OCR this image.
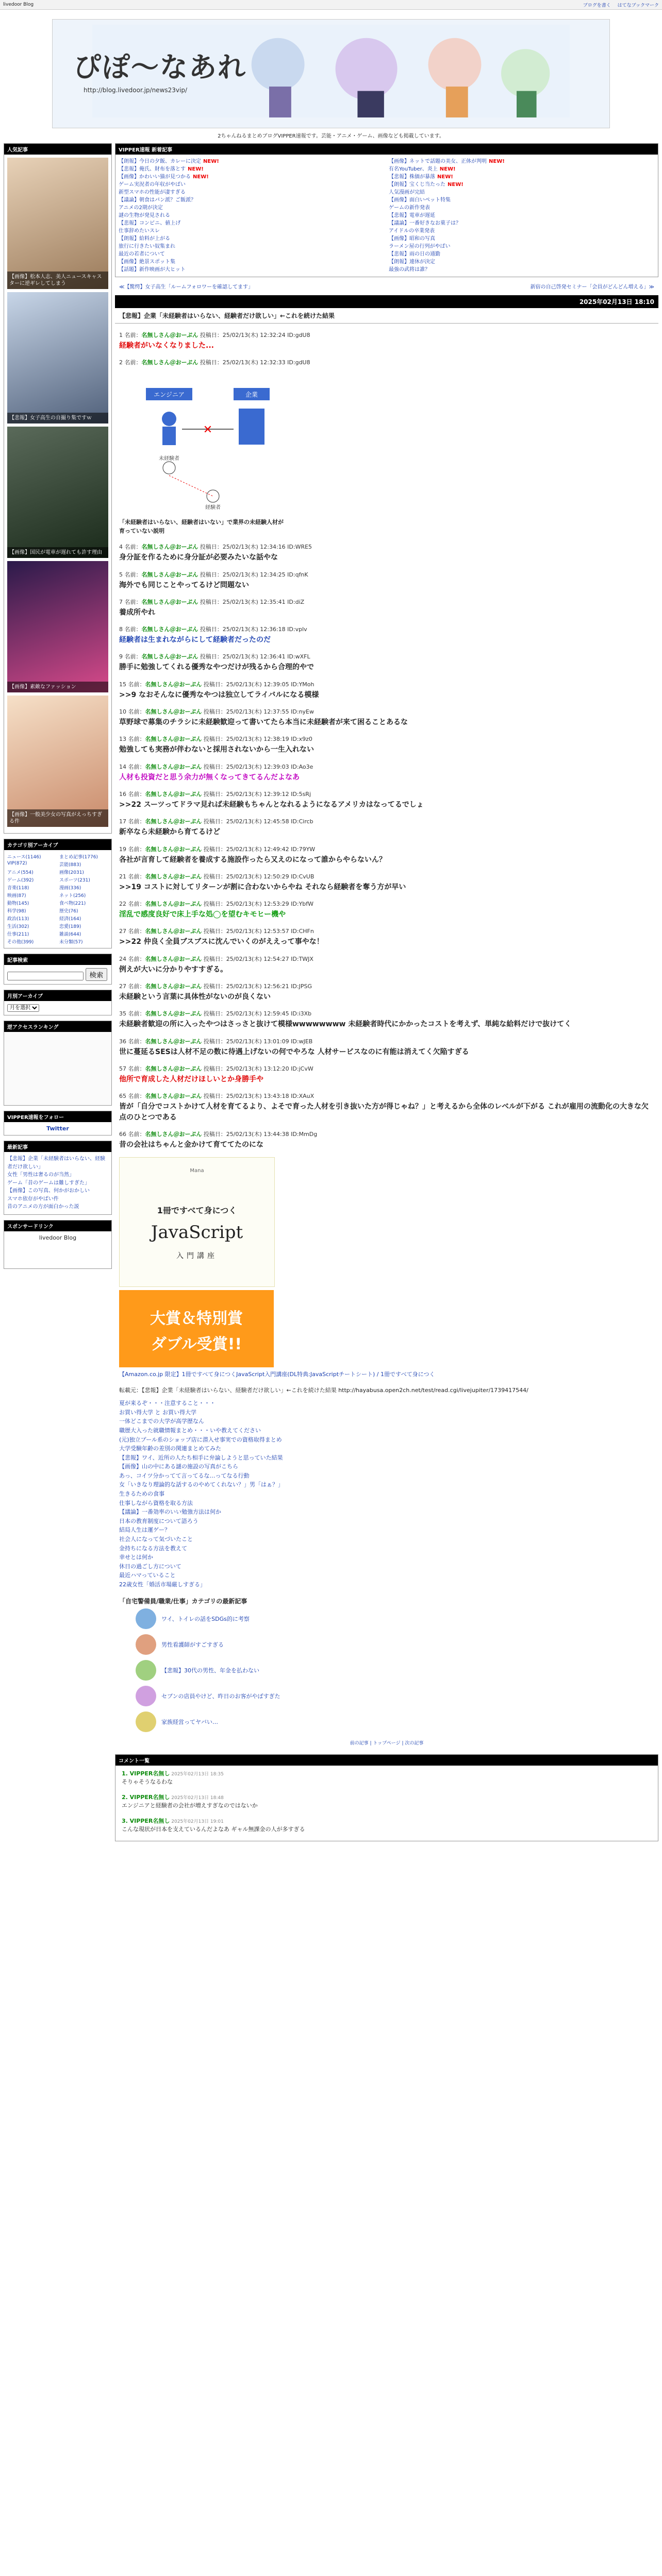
livedoor Blog	ブログを書く はてなブックマーク
ぴぽ〜なあれ
http://blog.livedoor.jp/news23vip/
2ちゃんねるまとめブログVIPPER速報です。芸能・アニメ・ゲーム、画像なども掲載しています。
人気記事
【画像】松本人志、美人ニュースキャスターに逆ギレしてしまう
【悲報】女子高生の自撮り集ですｗ
【画像】国民が電車が遅れても許す理由
【画像】素敵なファッション
【画像】一般美少女の写真がえっちすぎる件
カテゴリ別アーカイブ
ニュース(1146)	まとめ記事(1776)
VIP(872)	芸能(883)
アニメ(554)	画像(2031)
ゲーム(392)	スポーツ(231)
音楽(118)	漫画(336)
映画(87)	ネット(256)
動物(145)	食べ物(221)
科学(98)	歴史(76)
政治(113)	経済(164)
生活(302)	恋愛(189)
仕事(211)	雑談(644)
その他(399)	未分類(57)
記事検索
検索
月別アーカイブ
月を選択
逆アクセスランキング
VIPPER速報をフォロー
Twitter
最新記事
【悲報】企業「未経験者はいらない、経験者だけ欲しい」
女性「男性は奢るのが当然」
ゲーム「昔のゲームは難しすぎた」
【画像】この写真、何かがおかしい
スマホ依存がやばい件
昔のアニメの方が面白かった説
スポンサードリンク
livedoor Blog
VIPPER速報 新着記事
【朗報】今日の夕飯、カレーに決定 NEW!
【悲報】俺氏、財布を落とす NEW!
【画像】かわいい猫が見つかる NEW!
ゲーム実況者の年収がやばい
新型スマホの性能が凄すぎる
【議論】朝食はパン派？ご飯派？
アニメの2期が決定
謎の生物が発見される
【悲報】コンビニ、値上げ
仕事辞めたいスレ
【朗報】給料が上がる
旅行に行きたい奴集まれ
最近の若者について
【画像】絶景スポット集
【話題】新作映画が大ヒット
【画像】ネットで話題の美女、正体が判明 NEW!
有名YouTuber、炎上 NEW!
【悲報】株価が暴落 NEW!
【朗報】宝くじ当たった NEW!
人気漫画が完結
【画像】面白いペット特集
ゲームの新作発表
【悲報】電車が遅延
【議論】一番好きなお菓子は？
アイドルの卒業発表
【画像】昭和の写真
ラーメン屋の行列がやばい
【悲報】雨の日の通勤
【朗報】連休が決定
最強の武将は誰？
≪【驚愕】女子高生「ルームフォロワーを確認してます」	新宿の自己啓発セミナー「会員がどんどん増える」≫
2025年02月13日 18:10
【悲報】企業「未経験者はいらない、経験者だけ欲しい」←これを続けた結果
1 名前：名無しさん＠おーぷん 投稿日：25/02/13(木) 12:32:24 ID:gdU8
経験者がいなくなりました...
2 名前：名無しさん＠おーぷん 投稿日：25/02/13(木) 12:32:33 ID:gdU8
エンジニア	企業
✕
未経験者
経験者
「未経験者はいらない、経験者はいない」で業界の未経験人材が育っていない説明
4 名前：名無しさん＠おーぷん 投稿日：25/02/13(木) 12:34:16 ID:WRE5
身分証を作るために身分証が必要みたいな話やな
5 名前：名無しさん＠おーぷん 投稿日：25/02/13(木) 12:34:25 ID:qfnK
海外でも同じことやってるけど問題ない
7 名前：名無しさん＠おーぷん 投稿日：25/02/13(木) 12:35:41 ID:diZ
養成所やれ
8 名前：名無しさん＠おーぷん 投稿日：25/02/13(木) 12:36:18 ID:vplv
経験者は生まれながらにして経験者だったのだ
9 名前：名無しさん＠おーぷん 投稿日：25/02/13(木) 12:36:41 ID:wXFL
勝手に勉強してくれる優秀なやつだけが残るから合理的やで
15 名前：名無しさん＠おーぷん 投稿日：25/02/13(木) 12:39:05 ID:YMoh
>>9 なおそんなに優秀なやつは独立してライバルになる模様
10 名前：名無しさん＠おーぷん 投稿日：25/02/13(木) 12:37:55 ID:nyEw
草野球で募集のチラシに未経験歓迎って書いてたら本当に未経験者が来て困ることあるな
13 名前：名無しさん＠おーぷん 投稿日：25/02/13(木) 12:38:19 ID:x9z0
勉強しても実務が伴わないと採用されないから一生入れない
14 名前：名無しさん＠おーぷん 投稿日：25/02/13(木) 12:39:03 ID:Ao3e
人材も投資だと思う余力が無くなってきてるんだよなあ
16 名前：名無しさん＠おーぷん 投稿日：25/02/13(木) 12:39:12 ID:5sRj
>>22 スーツってドラマ見れば未経験もちゃんとなれるようになるアメリカはなってるでしょ
17 名前：名無しさん＠おーぷん 投稿日：25/02/13(木) 12:45:58 ID:Circb
新卒なら未経験から育てるけど
19 名前：名無しさん＠おーぷん 投稿日：25/02/13(木) 12:49:42 ID:79YW
各社が言育して経験者を養成する施設作ったら又えのになって誰からやらないん？
21 名前：名無しさん＠おーぷん 投稿日：25/02/13(木) 12:50:29 ID:CvUB
>>19 コストに対してリターンが割に合わないからやね それなら経験者を奪う方が早い
22 名前：名無しさん＠おーぷん 投稿日：25/02/13(木) 12:53:29 ID:YbfW
淫乱で感度良好で床上手な処◯を望むキモヒー機や
27 名前：名無しさん＠おーぷん 投稿日：25/02/13(木) 12:53:57 ID:CHFn
>>22 仲良く全員ブスブスに沈んでいくのがええって事やな！
24 名前：名無しさん＠おーぷん 投稿日：25/02/13(木) 12:54:27 ID:TWJX
例えが大いに分かりやすすぎる。
27 名前：名無しさん＠おーぷん 投稿日：25/02/13(木) 12:56:21 ID:JPSG
未経験という言葉に具体性がないのが良くない
35 名前：名無しさん＠おーぷん 投稿日：25/02/13(木) 12:59:45 ID:i3Xb
未経験者歓迎の所に入ったやつはさっさと抜けて模様wwwwwwww 未経験者時代にかかったコストを考えず、単純な給料だけで抜けてく
36 名前：名無しさん＠おーぷん 投稿日：25/02/13(木) 13:01:09 ID:wJEB
世に蔓延るSESは人材不足の数に待遇上げないの何でやろな 人材サービスなのに有能は消えてく欠陥すぎる
57 名前：名無しさん＠おーぷん 投稿日：25/02/13(木) 13:12:20 ID:jCvW
他所で育成した人材だけほしいとか身勝手や
65 名前：名無しさん＠おーぷん 投稿日：25/02/13(木) 13:43:18 ID:XAuX
皆が「自分でコストかけて人材を育てるより、よそで育った人材を引き抜いた方が得じゃね？」と考えるから全体のレベルが下がる これが雇用の流動化の大きな欠点のひとつである
66 名前：名無しさん＠おーぷん 投稿日：25/02/13(木) 13:44:38 ID:MmDg
昔の会社はちゃんと金かけて育ててたのにな
Mana
1冊ですべて身につく
JavaScript
入門講座
大賞＆特別賞
ダブル受賞!!
【Amazon.co.jp 限定】1冊ですべて身につくJavaScript入門講座(DL特典:JavaScriptチートシート) / 1冊ですべて身につく
転載元：【悲報】企業「未経験者はいらない、経験者だけ欲しい」←これを続けた結果 http://hayabusa.open2ch.net/test/read.cgi/livejupiter/1739417544/
夏が来るぞ・・・注意すること・・・
お買い得大学 と お買い得大学
一体どこまでの大学が高学歴なん
職歴大入った就職情報まとめ・・・いや教えてください
(元)独立プール系のショップ店に潜入せ事実での資格取得まとめ
大学受験年齢の差別の関連まとめてみた
【悲報】ワイ、近所の人たち相手に弁論しようと思っていた結果
【画像】山の中にある謎の施設の写真がこちら
あっ、コイツ分かってて言ってるな…ってなる行動
女「いきなり理論的な話するのやめてくれない？」男「はぁ？」
生きるための食事
仕事しながら資格を取る方法
【議論】一番効率のいい勉強方法は何か
日本の教育制度について語ろう
結局人生は運ゲー？
社会人になって気づいたこと
金持ちになる方法を教えて
幸せとは何か
休日の過ごし方について
最近ハマっていること
22歳女性「婚活市場厳しすぎる」
「自宅警備員/職業/仕事」カテゴリの最新記事
ワイ、トイレの話をSDGs的に考察
男性看護師がすごすぎる
【悲報】30代の男性、年金を払わない
セブンの店員やけど、昨日のお客がやばすぎた
家族経営ってヤバい…
前の記事 | トップページ | 次の記事
コメント一覧
1. VIPPER名無し 2025年02月13日 18:35
そりゃそうなるわな
2. VIPPER名無し 2025年02月13日 18:48
エンジニアと経験者の会社が増えすぎなのではないか
3. VIPPER名無し 2025年02月13日 19:01
こんな現状が日本を支えているんだよなあ ギャル無課金の人が多すぎる
